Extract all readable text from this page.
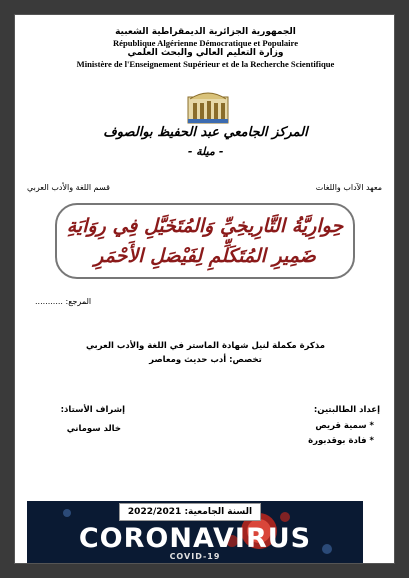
الجمهورية الجزائرية الديمقراطية الشعبية
République Algérienne Démocratique et Populaire
وزارة التعليم العالي والبحث العلمي
Ministère de l'Enseignement Supérieur et de la Recherche Scientifique
المركز الجامعي عبد الحفيظ بوالصوف
- ميلة -
معهد الآداب واللغات
قسم اللغة والأدب العربي
حِوارِيَّةُ التَّارِيخِيِّ وَالمُتَخَيَّلِ فِي رِوَايَةِ
ضَمِيرِ المُتَكَلِّمِ لِفَيْصَلِ الأَحْمَرِ
المرجع: ...........
مذكرة مكملة لنيل شهادة الماستر في اللغة والأدب العربي
تخصص: أدب حديث ومعاصر
إعداد الطالبتين:
* سمية قريص
* فادة بوقدبورة
إشراف الأستاذ:
خالد سوماني
CORONAVIRUS
COVID-19
السنة الجامعية: 2022/2021
